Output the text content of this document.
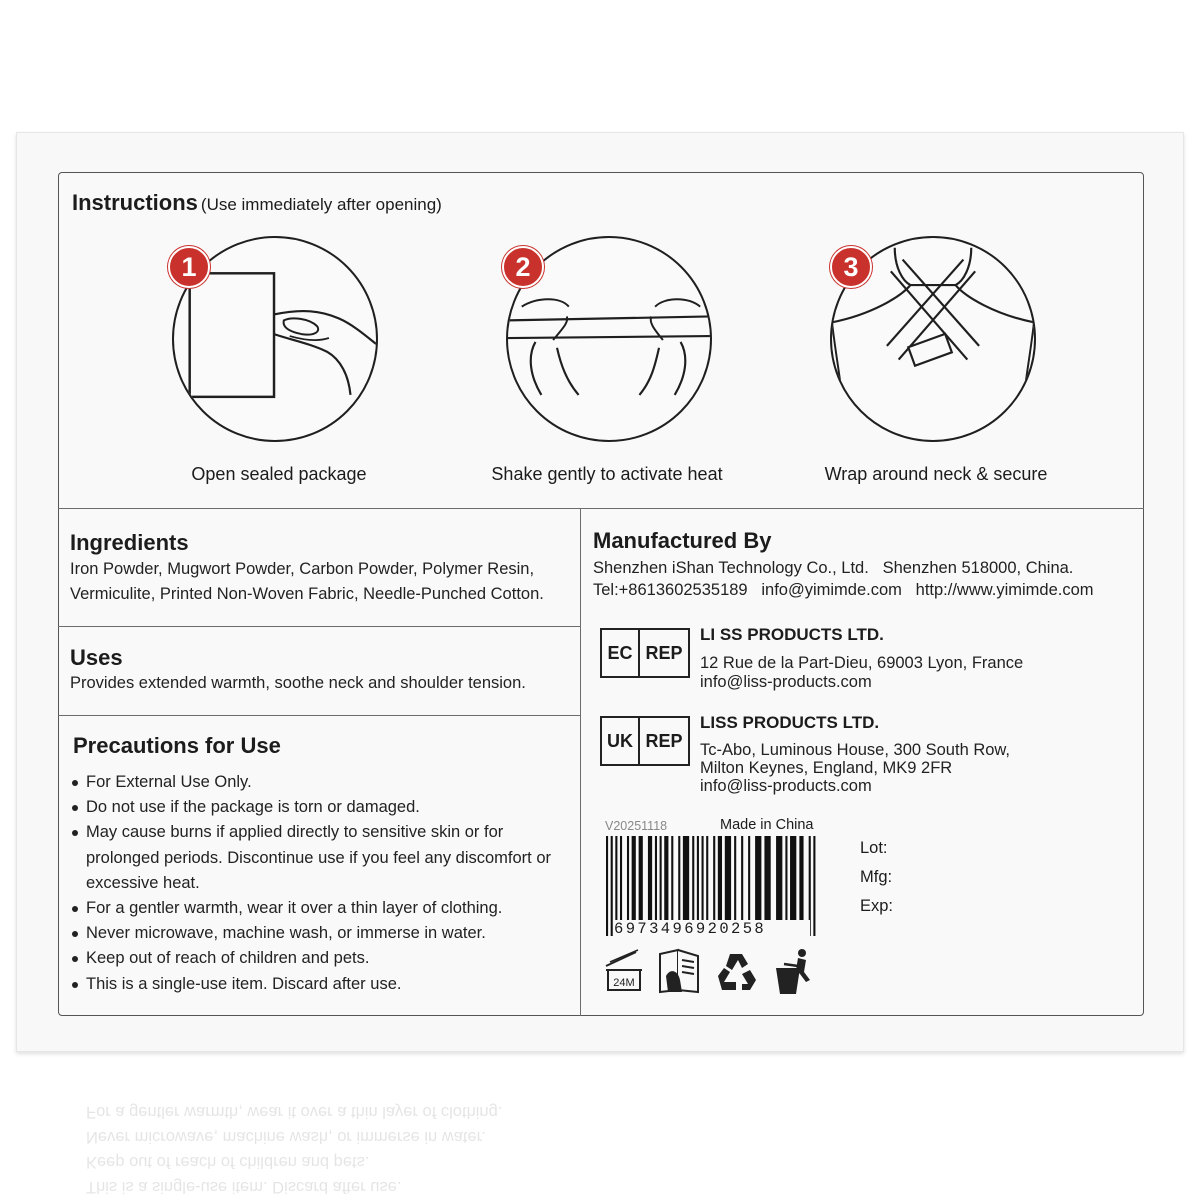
Instructions (Use immediately after opening)
1
Open sealed package
2
Shake gently to activate heat
3
Wrap around neck & secure
Ingredients
Iron Powder, Mugwort Powder, Carbon Powder, Polymer Resin,
Vermiculite, Printed Non-Woven Fabric, Needle-Punched Cotton.
Uses
Provides extended warmth, soothe neck and shoulder tension.
Precautions for Use
For External Use Only.
Do not use if the package is torn or damaged.
May cause burns if applied directly to sensitive skin or for prolonged periods. Discontinue use if you feel any discomfort or excessive heat.
For a gentler warmth, wear it over a thin layer of clothing.
Never microwave, machine wash, or immerse in water.
Keep out of reach of children and pets.
This is a single-use item. Discard after use.
Manufactured By
Shenzhen iShan Technology Co., Ltd.   Shenzhen 518000, China.
Tel:+8613602535189   info@yimimde.com   http://www.yimimde.com
EC REP
LI SS PRODUCTS LTD.
12 Rue de la Part-Dieu, 69003 Lyon, France
info@liss-products.com
UK REP
LISS PRODUCTS LTD.
Tc-Abo, Luminous House, 300 South Row,
Milton Keynes, England, MK9 2FR
info@liss-products.com
V20251118	Made in China
6973496920258
Lot:
Mfg:
Exp:
24M
This is a single-use item. Discard after use.
Keep out of reach of children and pets.
Never microwave, machine wash, or immerse in water.
For a gentler warmth, wear it over a thin layer of clothing.
